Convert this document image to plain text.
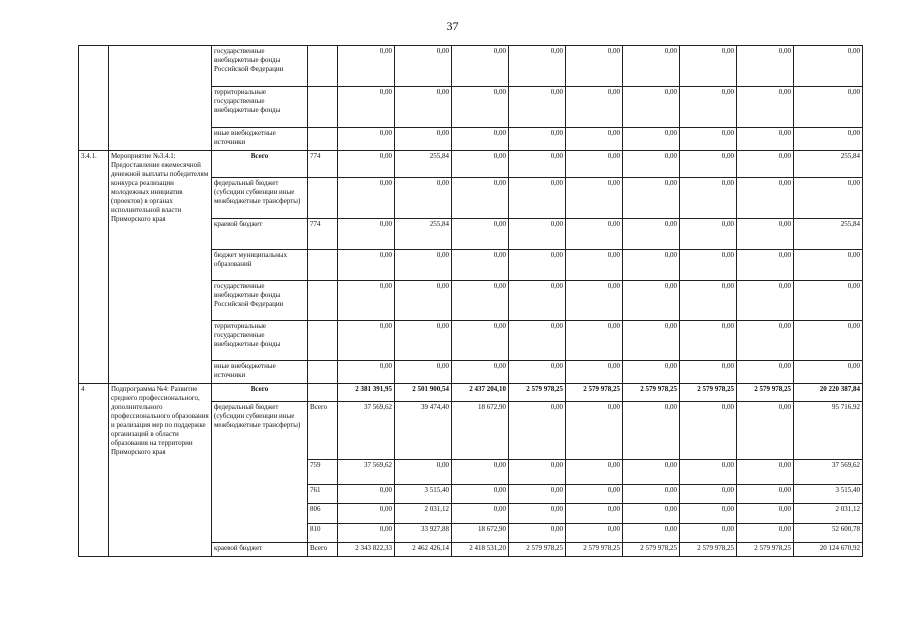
37
		государственные внебюджетные фонды Российской Федерации		0,00	0,00	0,00	0,00	0,00	0,00	0,00	0,00	0,00
		территориальные государственные внебюджетные фонды		0,00	0,00	0,00	0,00	0,00	0,00	0,00	0,00	0,00
		иные внебюджетные источники		0,00	0,00	0,00	0,00	0,00	0,00	0,00	0,00	0,00
3.4.1.	Мероприятие №3.4.1: Предоставление ежемесячной денежной выплаты победителям конкурса реализации молодежных инициатив (проектов) в органах исполнительной власти Приморского края	Всего	774	0,00	255,84	0,00	0,00	0,00	0,00	0,00	0,00	255,84
		федеральный бюджет (субсидии субвенции иные межбюджетные трансферты)		0,00	0,00	0,00	0,00	0,00	0,00	0,00	0,00	0,00
		краевой бюджет	774	0,00	255,84	0,00	0,00	0,00	0,00	0,00	0,00	255,84
		бюджет муниципальных образований		0,00	0,00	0,00	0,00	0,00	0,00	0,00	0,00	0,00
		государственные внебюджетные фонды Российской Федерации		0,00	0,00	0,00	0,00	0,00	0,00	0,00	0,00	0,00
		территориальные государственные внебюджетные фонды		0,00	0,00	0,00	0,00	0,00	0,00	0,00	0,00	0,00
		иные внебюджетные источники		0,00	0,00	0,00	0,00	0,00	0,00	0,00	0,00	0,00
4	Подпрограмма №4: Развитие среднего профессионального, дополнительного профессионального образования и реализация мер по поддержке организаций в области образования на территории Приморского края	Всего		2 381 391,95	2 501 900,54	2 437 204,10	2 579 978,25	2 579 978,25	2 579 978,25	2 579 978,25	2 579 978,25	20 220 387,84
		федеральный бюджет (субсидии субвенции иные межбюджетные трансферты)	Всего	37 569,62	39 474,40	18 672,90	0,00	0,00	0,00	0,00	0,00	95 716,92
			759	37 569,62	0,00	0,00	0,00	0,00	0,00	0,00	0,00	37 569,62
			761	0,00	3 515,40	0,00	0,00	0,00	0,00	0,00	0,00	3 515,40
			806	0,00	2 031,12	0,00	0,00	0,00	0,00	0,00	0,00	2 031,12
			810	0,00	33 927,88	18 672,90	0,00	0,00	0,00	0,00	0,00	52 600,78
		краевой бюджет	Всего	2 343 822,33	2 462 426,14	2 418 531,20	2 579 978,25	2 579 978,25	2 579 978,25	2 579 978,25	2 579 978,25	20 124 670,92
